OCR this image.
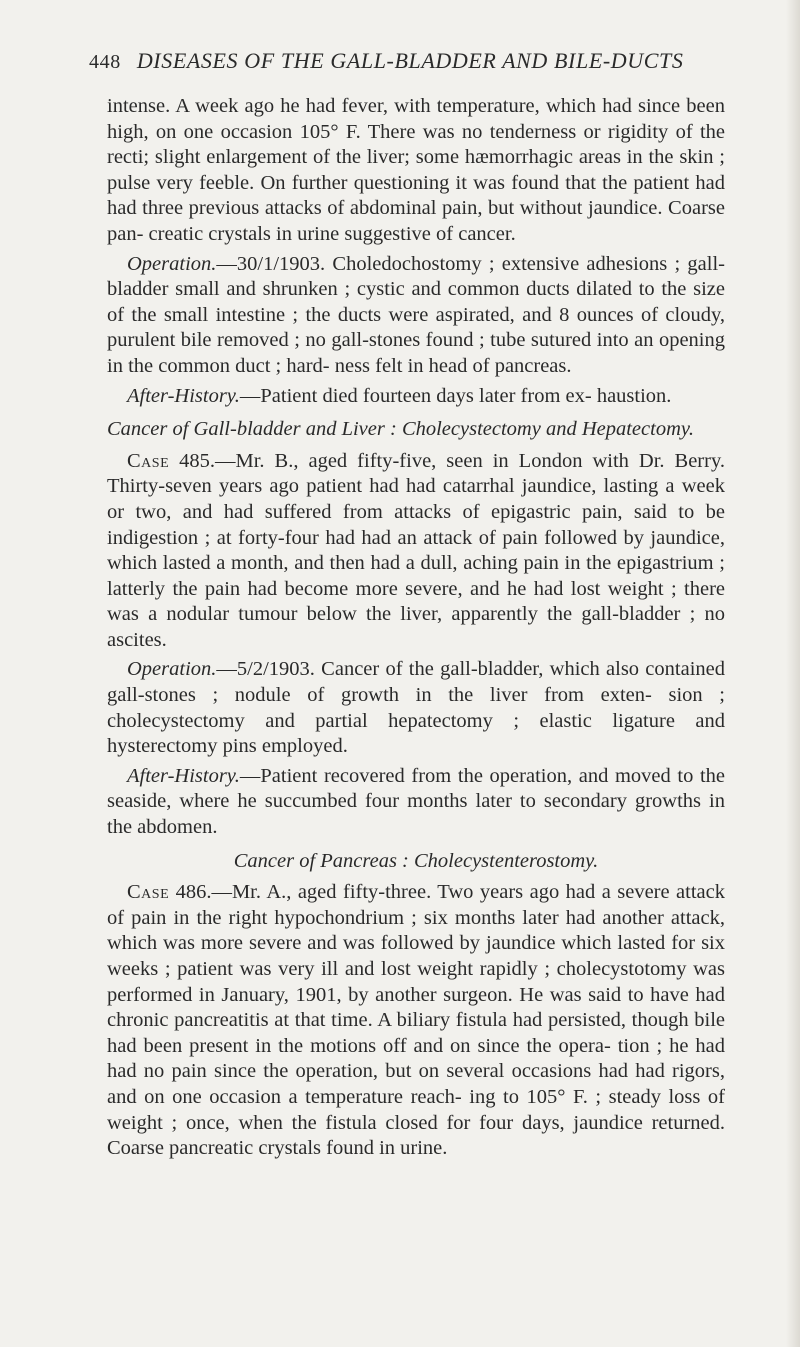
448 DISEASES OF THE GALL-BLADDER AND BILE-DUCTS

intense. A week ago he had fever, with temperature, which had since been high, on one occasion 105° F. There was no tenderness or rigidity of the recti; slight enlargement of the liver; some hæmorrhagic areas in the skin ; pulse very feeble. On further questioning it was found that the patient had had three previous attacks of abdominal pain, but without jaundice. Coarse pan- creatic crystals in urine suggestive of cancer.

Operation.—30/1/1903. Choledochostomy ; extensive adhesions ; gall-bladder small and shrunken ; cystic and common ducts dilated to the size of the small intestine ; the ducts were aspirated, and 8 ounces of cloudy, purulent bile removed ; no gall-stones found ; tube sutured into an opening in the common duct ; hard- ness felt in head of pancreas.

After-History.—Patient died fourteen days later from ex- haustion.

Cancer of Gall-bladder and Liver : Cholecystectomy and Hepatectomy.

Case 485.—Mr. B., aged fifty-five, seen in London with Dr. Berry. Thirty-seven years ago patient had had catarrhal jaundice, lasting a week or two, and had suffered from attacks of epigastric pain, said to be indigestion ; at forty-four had had an attack of pain followed by jaundice, which lasted a month, and then had a dull, aching pain in the epigastrium ; latterly the pain had become more severe, and he had lost weight ; there was a nodular tumour below the liver, apparently the gall-bladder ; no ascites.

Operation.—5/2/1903. Cancer of the gall-bladder, which also contained gall-stones ; nodule of growth in the liver from exten- sion ; cholecystectomy and partial hepatectomy ; elastic ligature and hysterectomy pins employed.

After-History.—Patient recovered from the operation, and moved to the seaside, where he succumbed four months later to secondary growths in the abdomen.

Cancer of Pancreas : Cholecystenterostomy.

Case 486.—Mr. A., aged fifty-three. Two years ago had a severe attack of pain in the right hypochondrium ; six months later had another attack, which was more severe and was followed by jaundice which lasted for six weeks ; patient was very ill and lost weight rapidly ; cholecystotomy was performed in January, 1901, by another surgeon. He was said to have had chronic pancreatitis at that time. A biliary fistula had persisted, though bile had been present in the motions off and on since the opera- tion ; he had had no pain since the operation, but on several occasions had had rigors, and on one occasion a temperature reach- ing to 105° F. ; steady loss of weight ; once, when the fistula closed for four days, jaundice returned. Coarse pancreatic crystals found in urine.
